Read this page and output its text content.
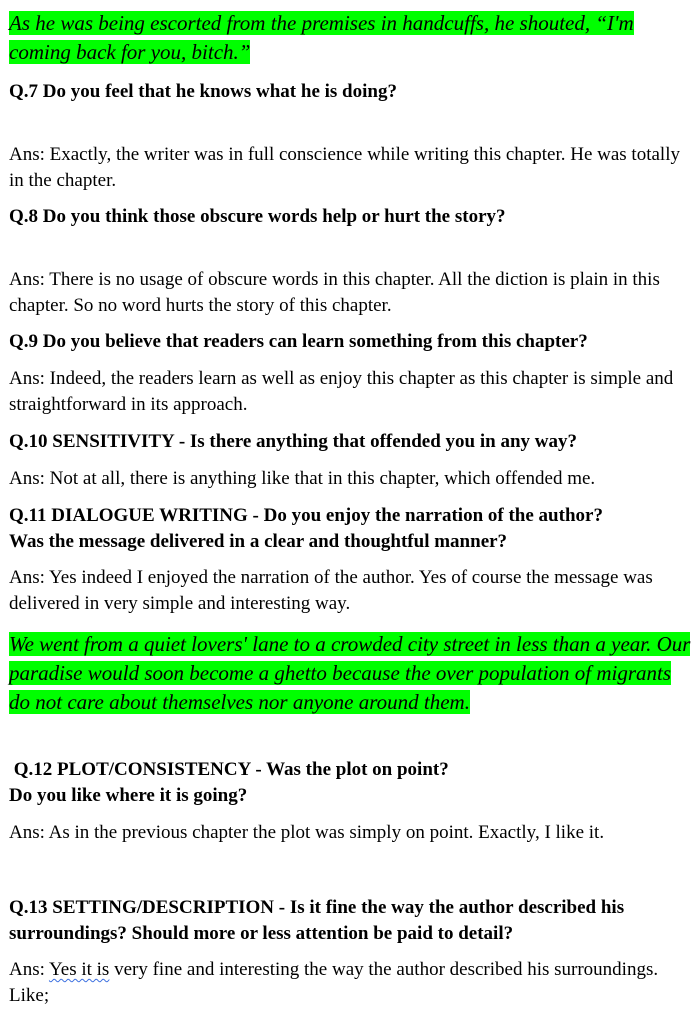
As he was being escorted from the premises in handcuffs, he shouted, “I'm coming back for you, bitch.”

Q.7 Do you feel that he knows what he is doing?

Ans: Exactly, the writer was in full conscience while writing this chapter. He was totally in the chapter.

Q.8 Do you think those obscure words help or hurt the story?

Ans: There is no usage of obscure words in this chapter. All the diction is plain in this chapter. So no word hurts the story of this chapter.

Q.9 Do you believe that readers can learn something from this chapter?

Ans: Indeed, the readers learn as well as enjoy this chapter as this chapter is simple and straightforward in its approach.

Q.10 SENSITIVITY - Is there anything that offended you in any way?

Ans: Not at all, there is anything like that in this chapter, which offended me.

Q.11 DIALOGUE WRITING - Do you enjoy the narration of the author?
Was the message delivered in a clear and thoughtful manner?

Ans: Yes indeed I enjoyed the narration of the author. Yes of course the message was delivered in very simple and interesting way.

We went from a quiet lovers' lane to a crowded city street in less than a year. Our paradise would soon become a ghetto because the over population of migrants do not care about themselves nor anyone around them.

Q.12 PLOT/CONSISTENCY - Was the plot on point?
Do you like where it is going?

Ans: As in the previous chapter the plot was simply on point. Exactly, I like it.

Q.13 SETTING/DESCRIPTION - Is it fine the way the author described his surroundings? Should more or less attention be paid to detail?

Ans: Yes it is very fine and interesting the way the author described his surroundings. Like;
